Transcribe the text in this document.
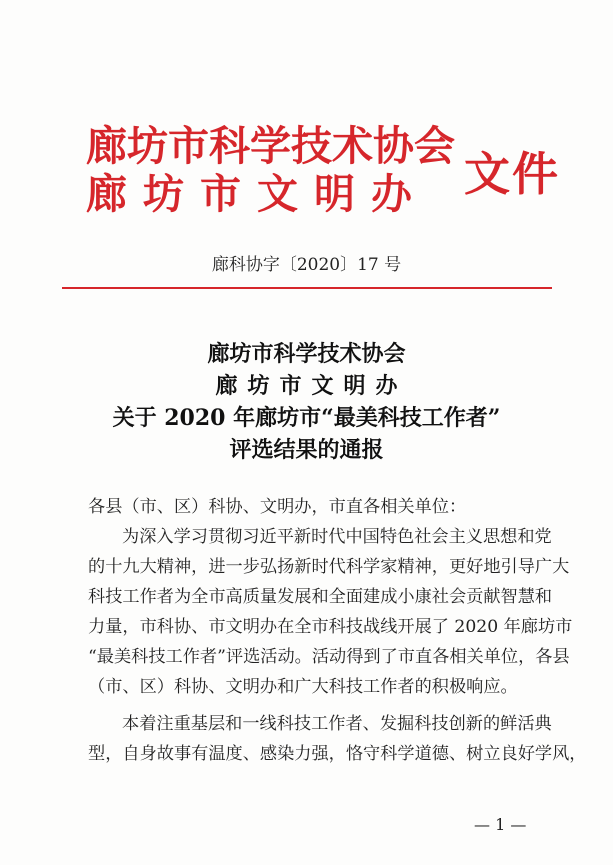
廊坊市科学技术协会
廊坊市文明办 文件
廊科协字〔2020〕17 号
廊坊市科学技术协会
廊坊市文明办
关于 2020 年廊坊市“最美科技工作者”
评选结果的通报
各县（市、区）科协、文明办，市直各相关单位：
为深入学习贯彻习近平新时代中国特色社会主义思想和党
的十九大精神，进一步弘扬新时代科学家精神，更好地引导广大
科技工作者为全市高质量发展和全面建成小康社会贡献智慧和
力量，市科协、市文明办在全市科技战线开展了 2020 年廊坊市
“最美科技工作者”评选活动。活动得到了市直各相关单位，各县
（市、区）科协、文明办和广大科技工作者的积极响应。
本着注重基层和一线科技工作者、发掘科技创新的鲜活典
型，自身故事有温度、感染力强，恪守科学道德、树立良好学风，
— 1 —
